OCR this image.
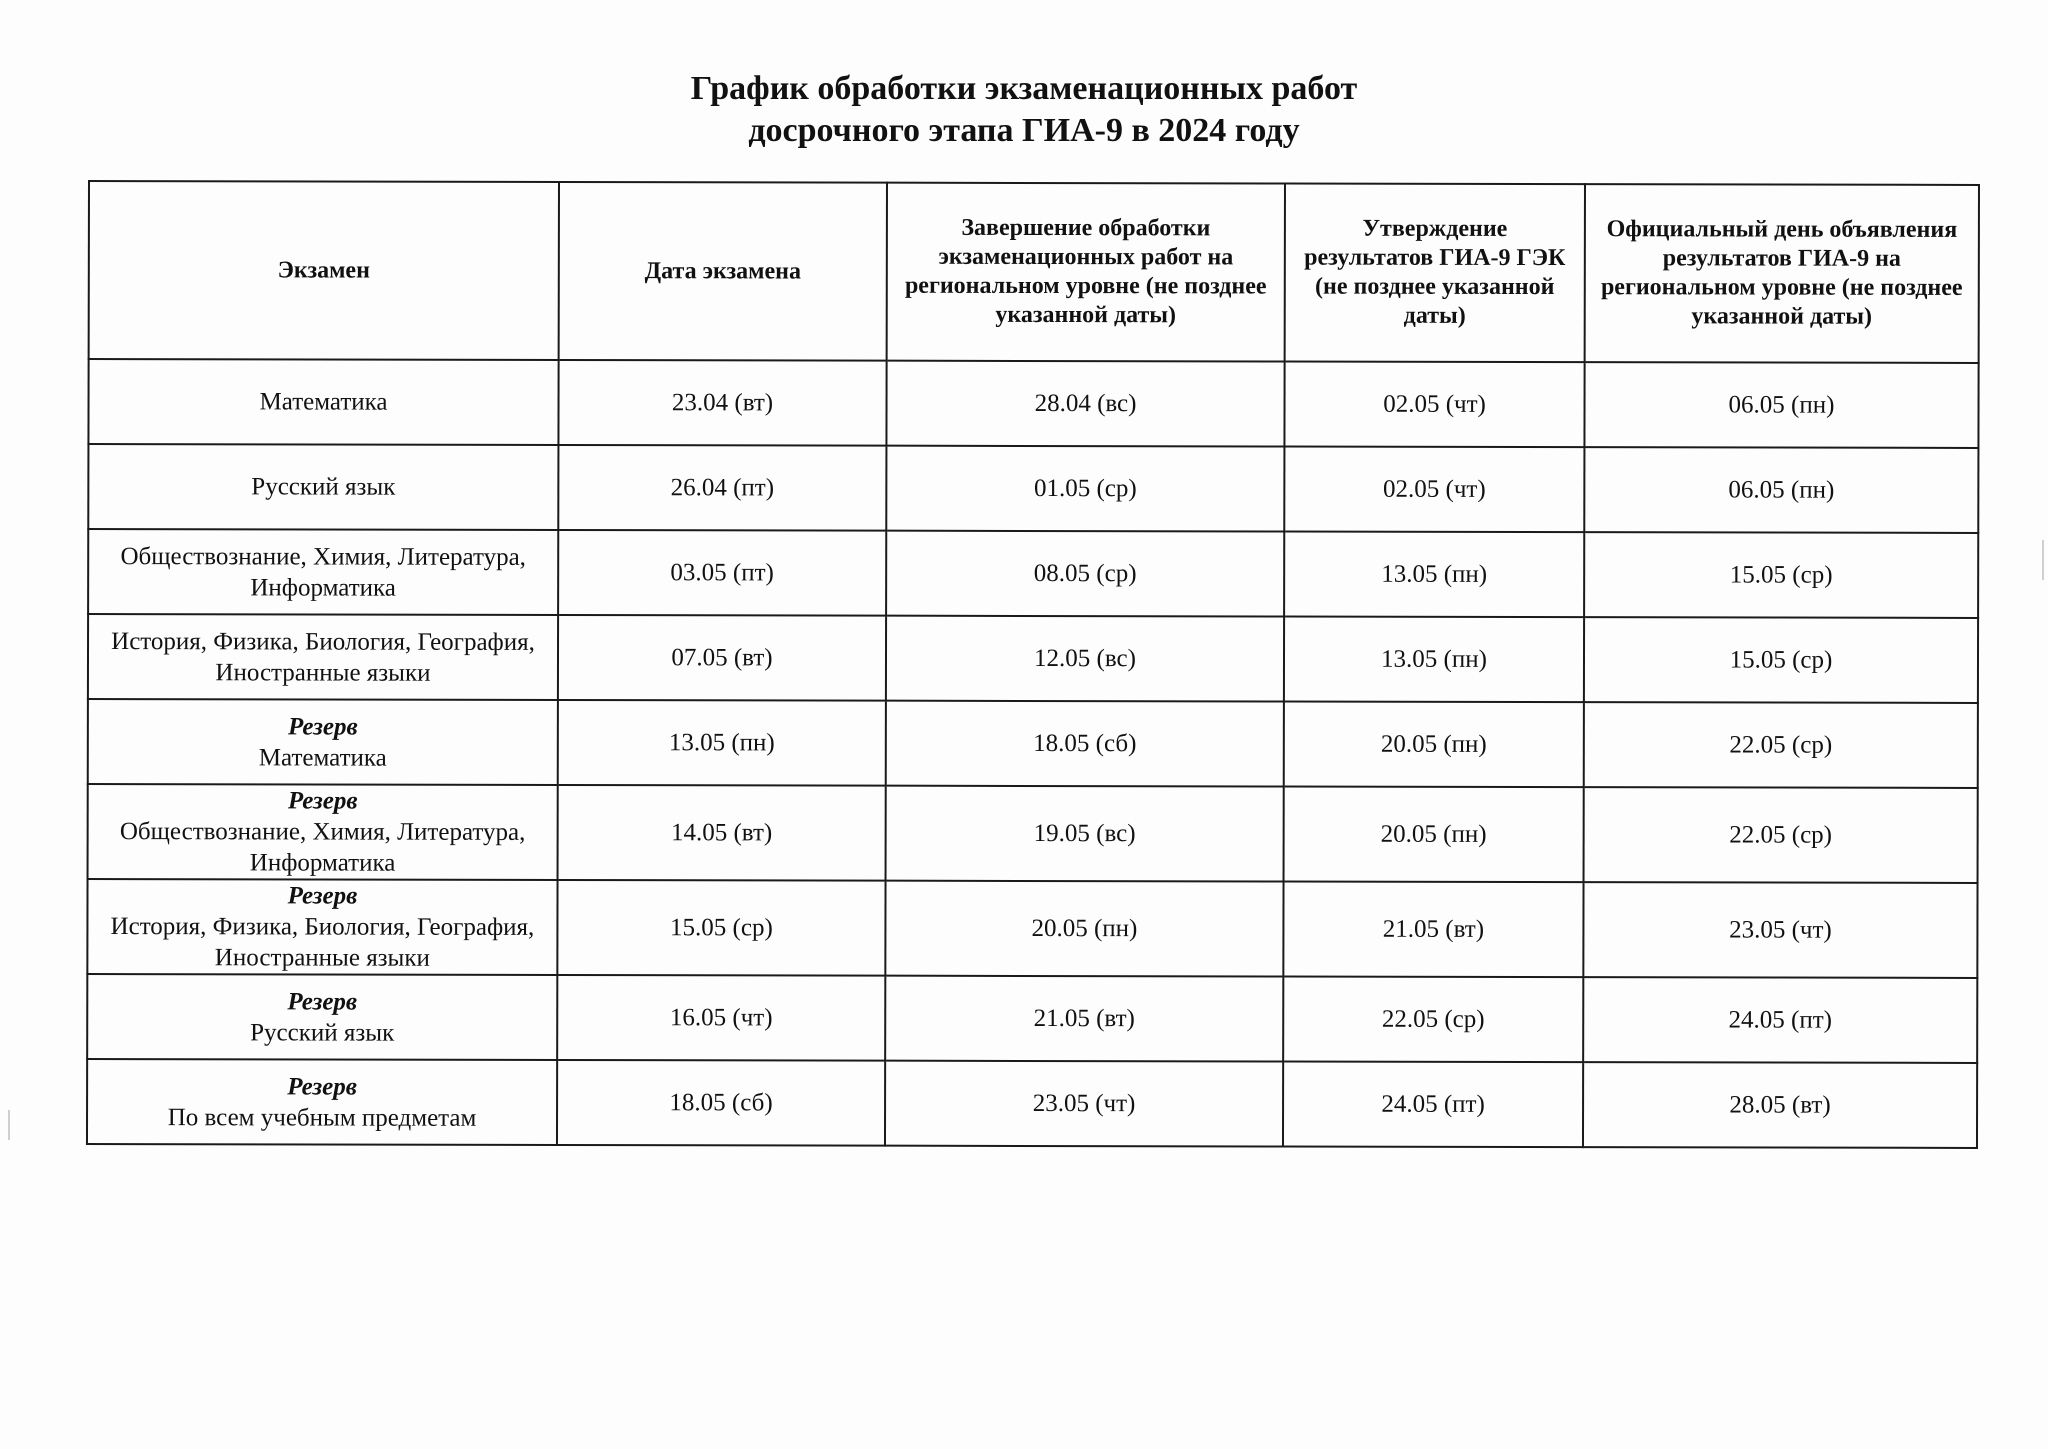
График обработки экзаменационных работ
досрочного этапа ГИА-9 в 2024 году
Экзамен	Дата экзамена	Завершение обработки экзаменационных работ на региональном уровне (не позднее указанной даты)	Утверждение результатов ГИА-9 ГЭК (не позднее указанной даты)	Официальный день объявления результатов ГИА-9 на региональном уровне (не позднее указанной даты)

Математика	23.04 (вт)	28.04 (вс)	02.05 (чт)	06.05 (пн)

Русский язык	26.04 (пт)	01.05 (ср)	02.05 (чт)	06.05 (пн)

Обществознание, Химия, Литература, Информатика	03.05 (пт)	08.05 (ср)	13.05 (пн)	15.05 (ср)

История, Физика, Биология, География, Иностранные языки	07.05 (вт)	12.05 (вс)	13.05 (пн)	15.05 (ср)

Резерв
Математика	13.05 (пн)	18.05 (сб)	20.05 (пн)	22.05 (ср)

Резерв
Обществознание, Химия, Литература, Информатика	14.05 (вт)	19.05 (вс)	20.05 (пн)	22.05 (ср)

Резерв
История, Физика, Биология, География, Иностранные языки	15.05 (ср)	20.05 (пн)	21.05 (вт)	23.05 (чт)

Резерв
Русский язык	16.05 (чт)	21.05 (вт)	22.05 (ср)	24.05 (пт)

Резерв
По всем учебным предметам	18.05 (сб)	23.05 (чт)	24.05 (пт)	28.05 (вт)
